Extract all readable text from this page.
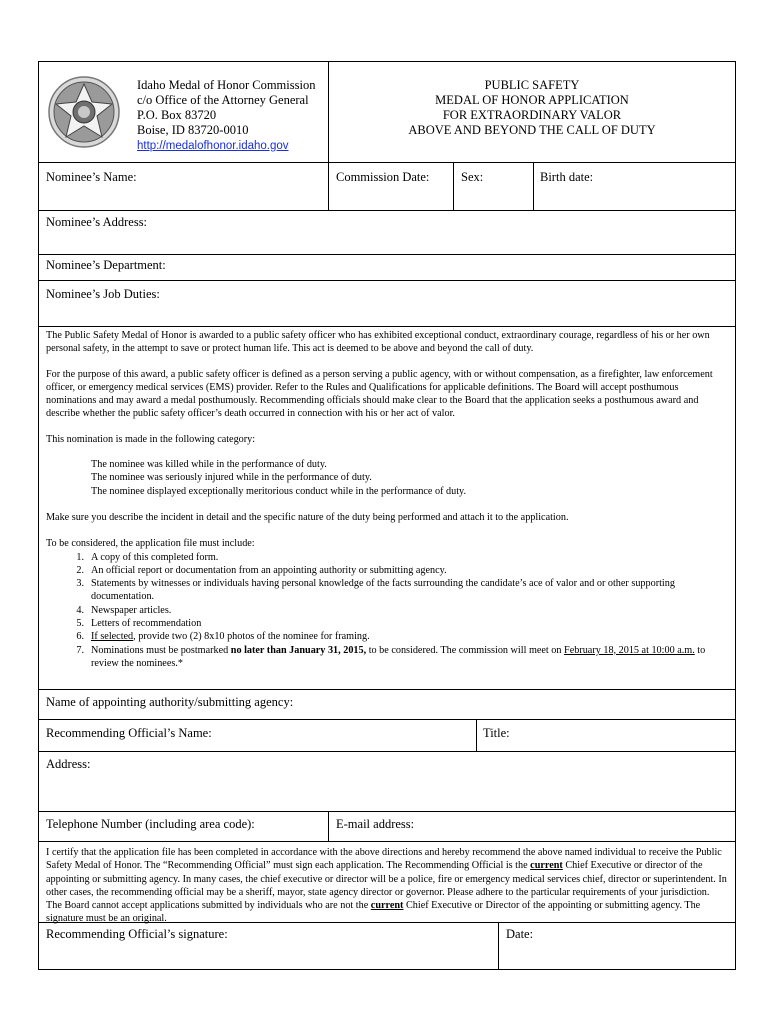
Idaho Medal of Honor Commission
c/o Office of the Attorney General
P.O. Box 83720
Boise, ID 83720-0010
http://medalofhonor.idaho.gov
PUBLIC SAFETY
MEDAL OF HONOR APPLICATION
FOR EXTRAORDINARY VALOR
ABOVE AND BEYOND THE CALL OF DUTY
Nominee’s Name:	Commission Date:	Sex:	Birth date:
Nominee’s Address:
Nominee’s Department:
Nominee’s Job Duties:

The Public Safety Medal of Honor is awarded to a public safety officer who has exhibited exceptional conduct, extraordinary courage, regardless of his or her own personal safety, in the attempt to save or protect human life. This act is deemed to be above and beyond the call of duty.

For the purpose of this award, a public safety officer is defined as a person serving a public agency, with or without compensation, as a firefighter, law enforcement officer, or emergency medical services (EMS) provider. Refer to the Rules and Qualifications for applicable definitions. The Board will accept posthumous nominations and may award a medal posthumously. Recommending officials should make clear to the Board that the application seeks a posthumous award and describe whether the public safety officer’s death occurred in connection with his or her act of valor.

This nomination is made in the following category:

The nominee was killed while in the performance of duty.
The nominee was seriously injured while in the performance of duty.
The nominee displayed exceptionally meritorious conduct while in the performance of duty.

Make sure you describe the incident in detail and the specific nature of the duty being performed and attach it to the application.

To be considered, the application file must include:

1. A copy of this completed form.
2. An official report or documentation from an appointing authority or submitting agency.
3. Statements by witnesses or individuals having personal knowledge of the facts surrounding the candidate’s ace of valor and or other supporting documentation.
4. Newspaper articles.
5. Letters of recommendation
6. If selected, provide two (2) 8x10 photos of the nominee for framing.
7. Nominations must be postmarked no later than January 31, 2015, to be considered. The commission will meet on February 18, 2015 at 10:00 a.m. to review the nominees.*
Name of appointing authority/submitting agency:
Recommending Official’s Name:	Title:
Address:
Telephone Number (including area code):	E-mail address:
I certify that the application file has been completed in accordance with the above directions and hereby recommend the above named individual to receive the Public Safety Medal of Honor. The “Recommending Official” must sign each application. The Recommending Official is the current Chief Executive or director of the appointing or submitting agency. In many cases, the chief executive or director will be a police, fire or emergency medical services chief, director or superintendent. In other cases, the recommending official may be a sheriff, mayor, state agency director or governor. Please adhere to the particular requirements of your jurisdiction. The Board cannot accept applications submitted by individuals who are not the current Chief Executive or Director of the appointing or submitting agency. The signature must be an original.
Recommending Official’s signature:	Date:
